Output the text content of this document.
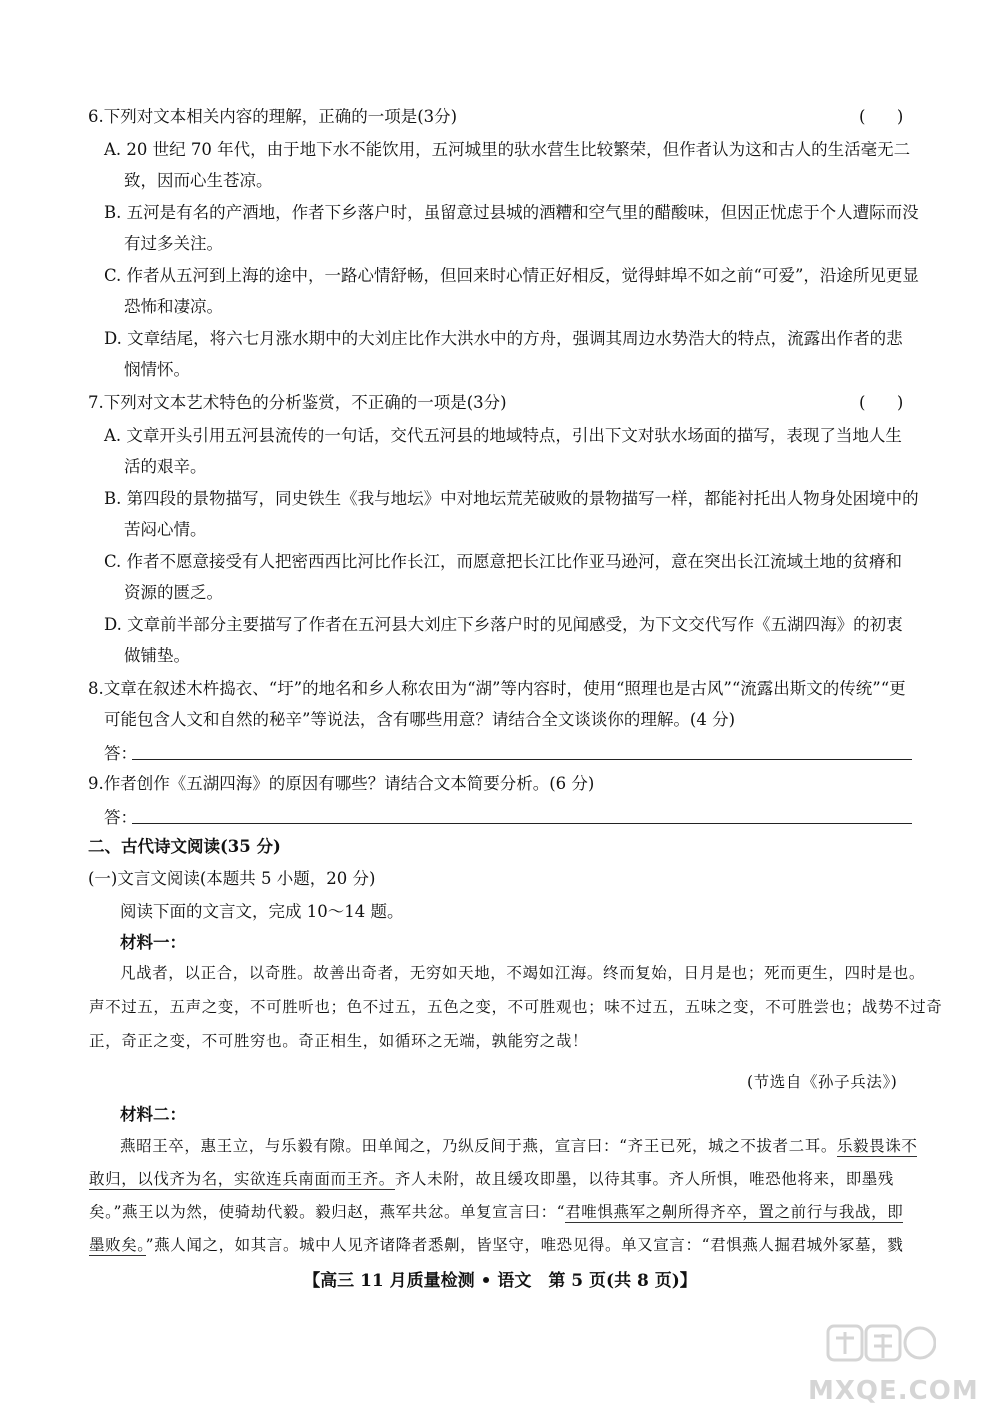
6.下列对文本相关内容的理解，正确的一项是(3分)	(      )
A. 20 世纪 70 年代，由于地下水不能饮用，五河城里的驮水营生比较繁荣，但作者认为这和古人的生活毫无二
致，因而心生苍凉。
B. 五河是有名的产酒地，作者下乡落户时，虽留意过县城的酒糟和空气里的醋酸味，但因正忧虑于个人遭际而没
有过多关注。
C. 作者从五河到上海的途中，一路心情舒畅，但回来时心情正好相反，觉得蚌埠不如之前“可爱”，沿途所见更显
恐怖和凄凉。
D. 文章结尾，将六七月涨水期中的大刘庄比作大洪水中的方舟，强调其周边水势浩大的特点，流露出作者的悲
悯情怀。
7.下列对文本艺术特色的分析鉴赏，不正确的一项是(3分)	(      )
A. 文章开头引用五河县流传的一句话，交代五河县的地域特点，引出下文对驮水场面的描写，表现了当地人生
活的艰辛。
B. 第四段的景物描写，同史铁生《我与地坛》中对地坛荒芜破败的景物描写一样，都能衬托出人物身处困境中的
苦闷心情。
C. 作者不愿意接受有人把密西西比河比作长江，而愿意把长江比作亚马逊河，意在突出长江流域土地的贫瘠和
资源的匮乏。
D. 文章前半部分主要描写了作者在五河县大刘庄下乡落户时的见闻感受，为下文交代写作《五湖四海》的初衷
做铺垫。
8.文章在叙述木杵捣衣、“圩”的地名和乡人称农田为“湖”等内容时，使用“照理也是古风”“流露出斯文的传统”“更
可能包含人文和自然的秘辛”等说法，含有哪些用意？请结合全文谈谈你的理解。(4 分)
答：
9.作者创作《五湖四海》的原因有哪些？请结合文本简要分析。(6 分)
答：
二、古代诗文阅读(35 分)
(一)文言文阅读(本题共 5 小题，20 分)
阅读下面的文言文，完成 10～14 题。
材料一：
凡战者，以正合，以奇胜。故善出奇者，无穷如天地，不竭如江海。终而复始，日月是也；死而更生，四时是也。
声不过五，五声之变，不可胜听也；色不过五，五色之变，不可胜观也；味不过五，五味之变，不可胜尝也；战势不过奇
正，奇正之变，不可胜穷也。奇正相生，如循环之无端，孰能穷之哉！
(节选自《孙子兵法》)
材料二：
燕昭王卒，惠王立，与乐毅有隙。田单闻之，乃纵反间于燕，宣言曰：“齐王已死，城之不拔者二耳。乐毅畏诛不
敢归，以伐齐为名，实欲连兵南面而王齐。齐人未附，故且缓攻即墨，以待其事。齐人所惧，唯恐他将来，即墨残
矣。”燕王以为然，使骑劫代毅。毅归赵，燕军共忿。单复宣言曰：“君唯惧燕军之劓所得齐卒，置之前行与我战，即
墨败矣。”燕人闻之，如其言。城中人见齐诸降者悉劓，皆坚守，唯恐见得。单又宣言：“君惧燕人掘君城外冢墓，戮
【高三 11 月质量检测 • 语文　第 5 页(共 8 页)】
MXQE.COM
